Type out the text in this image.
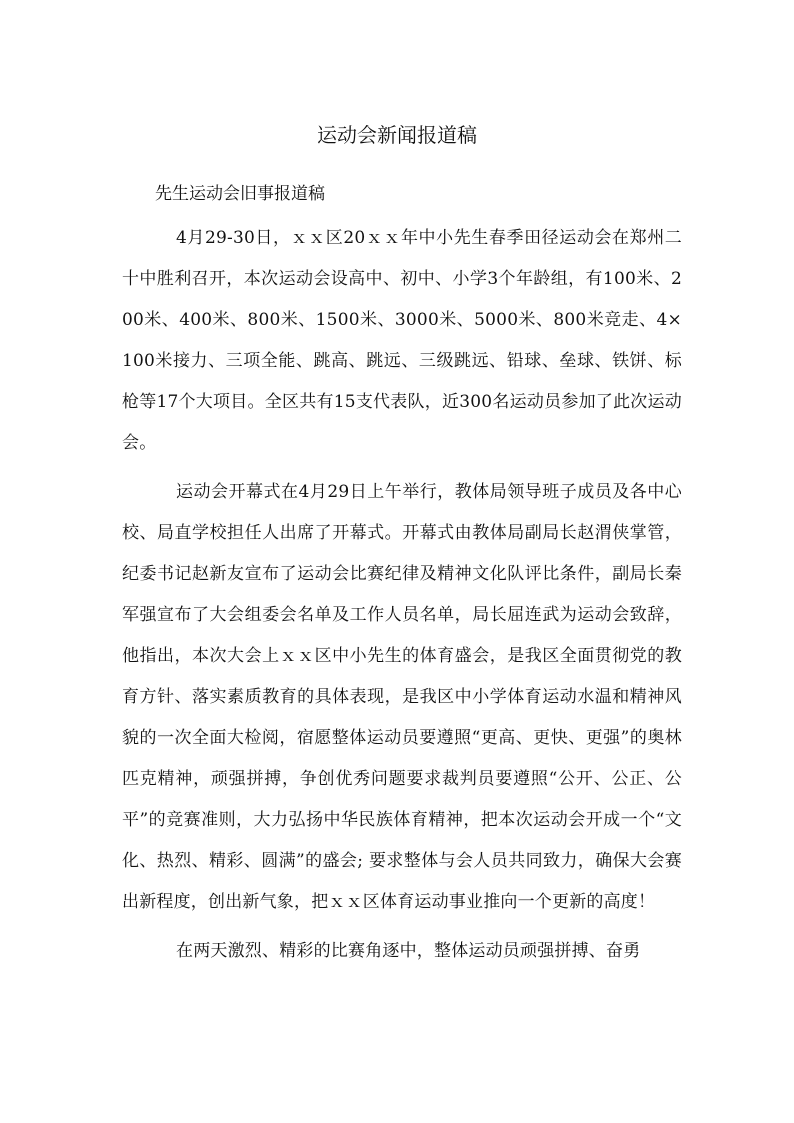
运动会新闻报道稿

先生运动会旧事报道稿

4月29-30日，ｘｘ区20ｘｘ年中小先生春季田径运动会在郑州二十中胜利召开，本次运动会设高中、初中、小学3个年龄组，有100米、200米、400米、800米、1500米、3000米、5000米、800米竞走、4×100米接力、三项全能、跳高、跳远、三级跳远、铅球、垒球、铁饼、标枪等17个大项目。全区共有15支代表队，近300名运动员参加了此次运动会。

运动会开幕式在4月29日上午举行，教体局领导班子成员及各中心校、局直学校担任人出席了开幕式。开幕式由教体局副局长赵渭侠掌管，纪委书记赵新友宣布了运动会比赛纪律及精神文化队评比条件，副局长秦军强宣布了大会组委会名单及工作人员名单，局长屈连武为运动会致辞，他指出，本次大会上ｘｘ区中小先生的体育盛会，是我区全面贯彻党的教育方针、落实素质教育的具体表现，是我区中小学体育运动水温和精神风貌的一次全面大检阅，宿愿整体运动员要遵照“更高、更快、更强”的奥林匹克精神，顽强拼搏，争创优秀问题要求裁判员要遵照“公开、公正、公平”的竞赛准则，大力弘扬中华民族体育精神，把本次运动会开成一个“文化、热烈、精彩、圆满”的盛会; 要求整体与会人员共同致力，确保大会赛出新程度，创出新气象，把ｘｘ区体育运动事业推向一个更新的高度！

在两天激烈、精彩的比赛角逐中，整体运动员顽强拼搏、奋勇
